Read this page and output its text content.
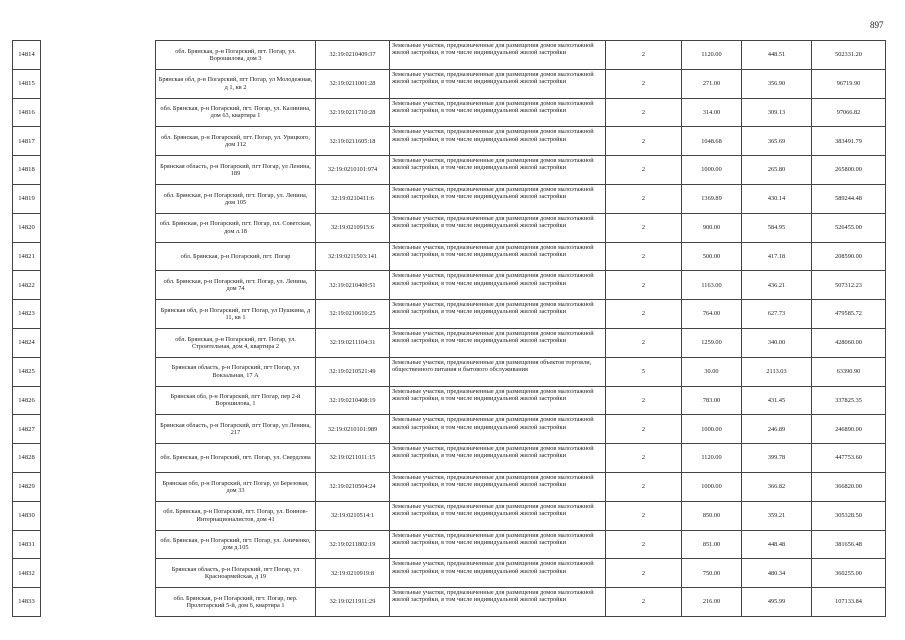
897
14814		обл. Брянская, р-н Погарский, пгт. Погар, ул. Ворошилова, дом 3	32:19:0210409:37	Земельные участки, предназначенные для размещения домов малоэтажной жилой застройки, в том числе индивидуальной жилой застройки	2	1120.00	448.51	502331.20
14815		Брянская обл, р-н Погарский, пгт Погар, ул Молодежная, д 1, кв 2	32:19:0211001:28	Земельные участки, предназначенные для размещения домов малоэтажной жилой застройки, в том числе индивидуальной жилой застройки	2	271.00	356.90	96719.90
14816		обл. Брянская, р-н Погарский, пгт. Погар, ул. Калинина, дом 63, квартира 1	32:19:0211710:28	Земельные участки, предназначенные для размещения домов малоэтажной жилой застройки, в том числе индивидуальной жилой застройки	2	314.00	309.13	97066.82
14817		обл. Брянская, р-н Погарский, пгт. Погар, ул. Урицкого, дом 112	32:19:0211605:18	Земельные участки, предназначенные для размещения домов малоэтажной жилой застройки, в том числе индивидуальной жилой застройки	2	1048.68	365.69	383491.79
14818		Брянская область, р-н Погарский, пгт Погар, ул Ленина, 189	32:19:0210101:974	Земельные участки, предназначенные для размещения домов малоэтажной жилой застройки, в том числе индивидуальной жилой застройки	2	1000.00	265.80	265800.00
14819		обл. Брянская, р-н Погарский, пгт. Погар, ул. Ленина, дом 105	32:19:0210411:6	Земельные участки, предназначенные для размещения домов малоэтажной жилой застройки, в том числе индивидуальной жилой застройки	2	1369.89	430.14	589244.48
14820		обл. Брянская, р-н Погарский, пгт. Погар, пл. Советская, дом л.18	32:19:0210915:6	Земельные участки, предназначенные для размещения домов малоэтажной жилой застройки, в том числе индивидуальной жилой застройки	2	900.00	584.95	526455.00
14821		обл. Брянская, р-н Погарский, пгт. Погар	32:19:0211503:141	Земельные участки, предназначенные для размещения домов малоэтажной жилой застройки, в том числе индивидуальной жилой застройки	2	500.00	417.18	208590.00
14822		обл. Брянская, р-н Погарский, пгт. Погар, ул. Ленина, дом 74	32:19:0210409:51	Земельные участки, предназначенные для размещения домов малоэтажной жилой застройки, в том числе индивидуальной жилой застройки	2	1163.00	436.21	507312.23
14823		Брянская обл, р-н Погарский, пгт Погар, ул Пушкина, д 11, кв 1	32:19:0210610:25	Земельные участки, предназначенные для размещения домов малоэтажной жилой застройки, в том числе индивидуальной жилой застройки	2	764.00	627.73	479585.72
14824		обл. Брянская, р-н Погарский, пгт. Погар, ул. Строительная, дом 4, квартира 2	32:19:0211104:31	Земельные участки, предназначенные для размещения домов малоэтажной жилой застройки, в том числе индивидуальной жилой застройки	2	1259.00	340.00	428060.00
14825		Брянская область, р-н Погарский, пгт Погар, ул Вокзальная, 17 А	32:19:0210521:49	Земельные участки, предназначенные для размещения объектов торговли, общественного питания и бытового обслуживания	5	30.00	2113.03	63390.90
14826		Брянская обл, р-н Погарский, пгт Погар, пер 2-й Ворошилова, 1	32:19:0210408:19	Земельные участки, предназначенные для размещения домов малоэтажной жилой застройки, в том числе индивидуальной жилой застройки	2	783.00	431.45	337825.35
14827		Брянская область, р-н Погарский, пгт Погар, ул Ленина, 217	32:19:0210101:989	Земельные участки, предназначенные для размещения домов малоэтажной жилой застройки, в том числе индивидуальной жилой застройки	2	1000.00	246.89	246890.00
14828		обл. Брянская, р-н Погарский, пгт. Погар, ул. Свердлова	32:19:0211011:15	Земельные участки, предназначенные для размещения домов малоэтажной жилой застройки, в том числе индивидуальной жилой застройки	2	1120.00	399.78	447753.60
14829		Брянская обл, р-н Погарский, пгт Погар, ул Березовая, дом 33	32:19:0210504:24	Земельные участки, предназначенные для размещения домов малоэтажной жилой застройки, в том числе индивидуальной жилой застройки	2	1000.00	366.82	366820.00
14830		обл. Брянская, р-н Погарский, пгт. Погар, ул. Воинов-Интернационалистов, дом 41	32:19:0210514:1	Земельные участки, предназначенные для размещения домов малоэтажной жилой застройки, в том числе индивидуальной жилой застройки	2	850.00	359.21	305328.50
14831		обл. Брянская, р-н Погарский, пгт. Погар, ул. Аниченко, дом д.105	32:19:0211802:19	Земельные участки, предназначенные для размещения домов малоэтажной жилой застройки, в том числе индивидуальной жилой застройки	2	851.00	448.48	381656.48
14832		Брянская область, р-н Погарский, пгт Погар, ул Красноармейская, д 19	32:19:0210919:8	Земельные участки, предназначенные для размещения домов малоэтажной жилой застройки, в том числе индивидуальной жилой застройки	2	750.00	480.34	360255.00
14833		обл. Брянская, р-н Погарский, пгт. Погар, пер. Пролетарский 5-й, дом 6, квартира 1	32:19:0211911:29	Земельные участки, предназначенные для размещения домов малоэтажной жилой застройки, в том числе индивидуальной жилой застройки	2	216.00	495.99	107133.84
